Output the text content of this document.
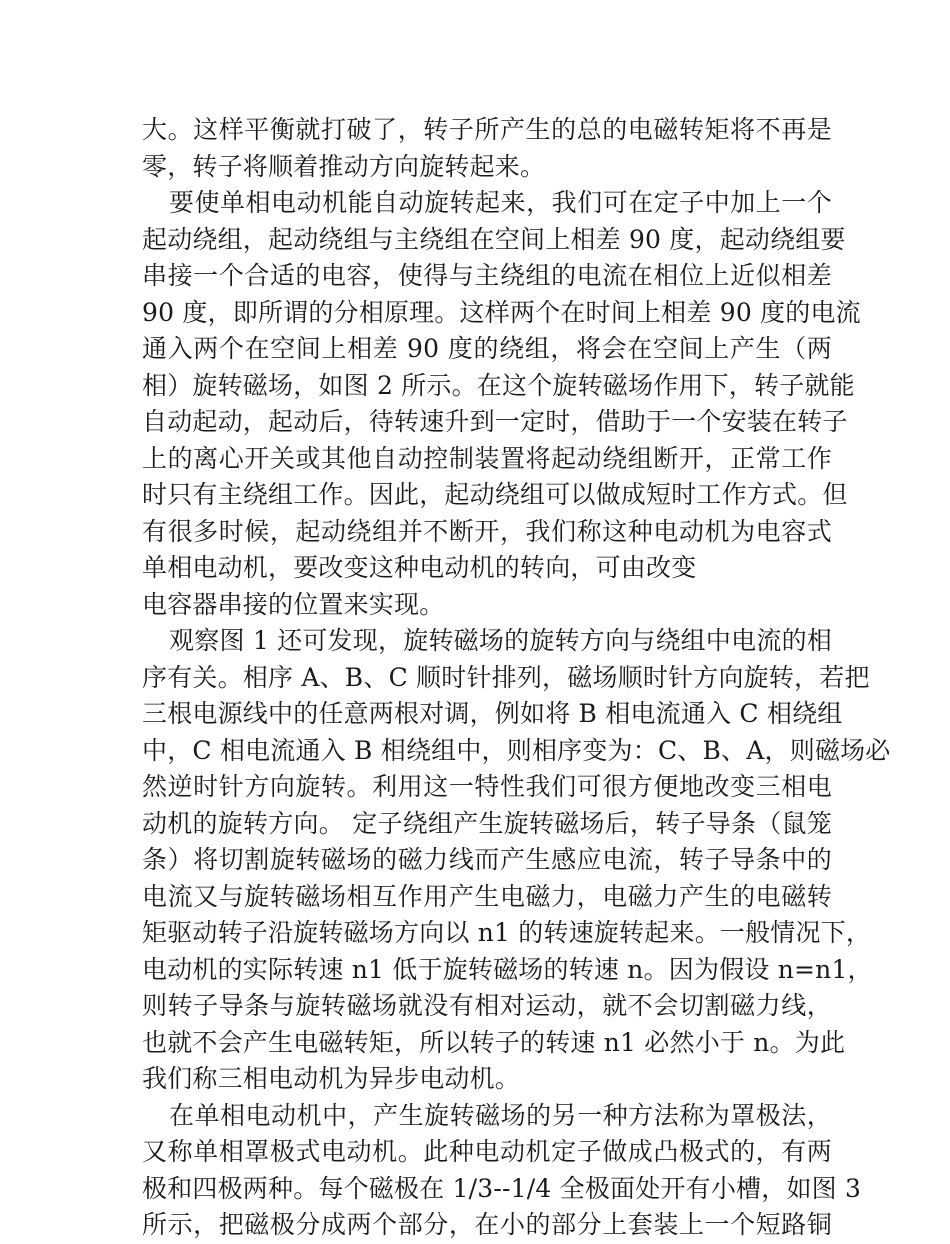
大。这样平衡就打破了，转子所产生的总的电磁转矩将不再是
零，转子将顺着推动方向旋转起来。
要使单相电动机能自动旋转起来，我们可在定子中加上一个
起动绕组，起动绕组与主绕组在空间上相差 90 度，起动绕组要
串接一个合适的电容，使得与主绕组的电流在相位上近似相差
90 度，即所谓的分相原理。这样两个在时间上相差 90 度的电流
通入两个在空间上相差 90 度的绕组，将会在空间上产生（两
相）旋转磁场，如图 2 所示。在这个旋转磁场作用下，转子就能
自动起动，起动后，待转速升到一定时，借助于一个安装在转子
上的离心开关或其他自动控制装置将起动绕组断开，正常工作
时只有主绕组工作。因此，起动绕组可以做成短时工作方式。但
有很多时候，起动绕组并不断开，我们称这种电动机为电容式
单相电动机，要改变这种电动机的转向，可由改变
电容器串接的位置来实现。
观察图 1 还可发现，旋转磁场的旋转方向与绕组中电流的相
序有关。相序 A、B、C 顺时针排列，磁场顺时针方向旋转，若把
三根电源线中的任意两根对调，例如将 B 相电流通入 C 相绕组
中，C 相电流通入 B 相绕组中，则相序变为：C、B、A，则磁场必
然逆时针方向旋转。利用这一特性我们可很方便地改变三相电
动机的旋转方向。 定子绕组产生旋转磁场后，转子导条（鼠笼
条）将切割旋转磁场的磁力线而产生感应电流，转子导条中的
电流又与旋转磁场相互作用产生电磁力，电磁力产生的电磁转
矩驱动转子沿旋转磁场方向以 n1 的转速旋转起来。一般情况下，
电动机的实际转速 n1 低于旋转磁场的转速 n。因为假设 n=n1，
则转子导条与旋转磁场就没有相对运动，就不会切割磁力线，
也就不会产生电磁转矩，所以转子的转速 n1 必然小于 n。为此
我们称三相电动机为异步电动机。
在单相电动机中，产生旋转磁场的另一种方法称为罩极法，
又称单相罩极式电动机。此种电动机定子做成凸极式的，有两
极和四极两种。每个磁极在 1/3--1/4 全极面处开有小槽，如图 3
所示，把磁极分成两个部分，在小的部分上套装上一个短路铜
